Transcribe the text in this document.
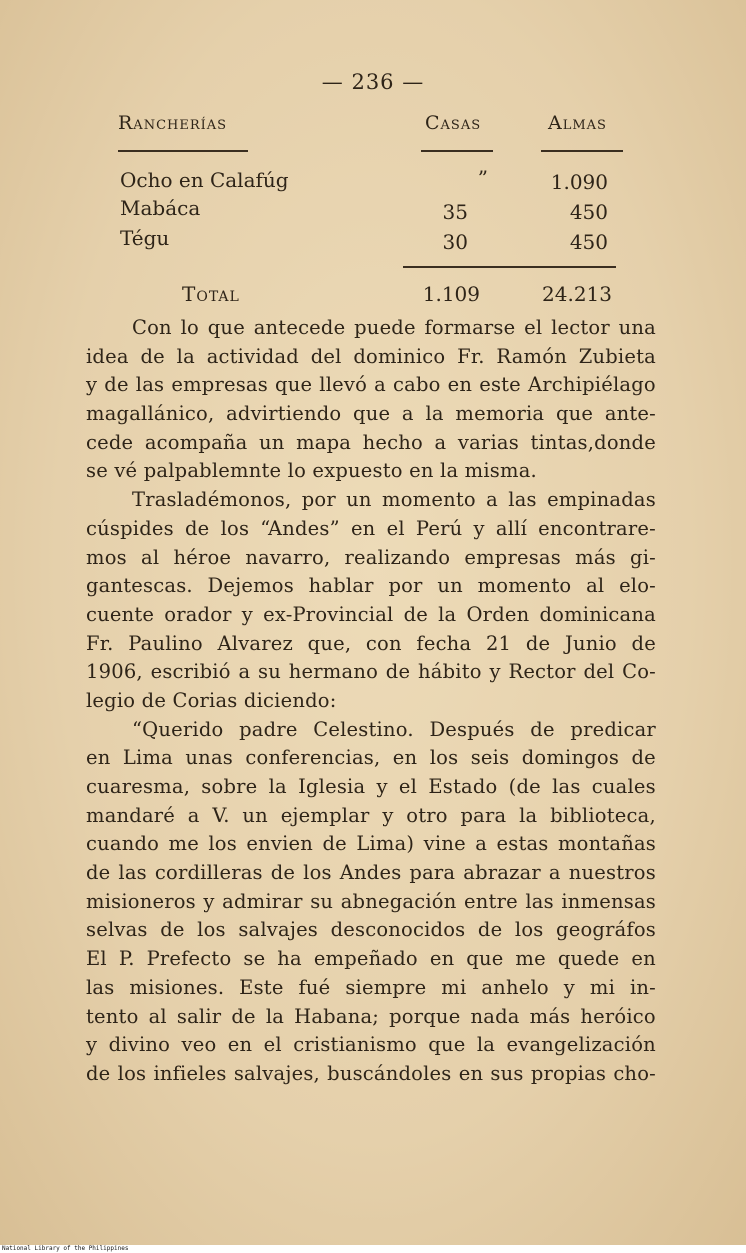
— 236 —
Rancherías	Casas	Almas
Ocho en Calafúg	”	1.090
Mabáca	35	450
Tégu	30	450
Total	1.109	24.213
Con lo que antecede puede formarse el lector una
idea de la actividad del dominico Fr. Ramón Zubieta
y de las empresas que llevó a cabo en este Archipiélago
magallánico, advirtiendo que a la memoria que ante-
cede acompaña un mapa hecho a varias tintas,donde
se vé palpablemnte lo expuesto en la misma.
Trasladémonos, por un momento a las empinadas
cúspides de los “Andes” en el Perú y allí encontrare-
mos al héroe navarro, realizando empresas más gi-
gantescas. Dejemos hablar por un momento al elo-
cuente orador y ex-Provincial de la Orden dominicana
Fr. Paulino Alvarez que, con fecha 21 de Junio de
1906, escribió a su hermano de hábito y Rector del Co-
legio de Corias diciendo:
“Querido padre Celestino. Después de predicar
en Lima unas conferencias, en los seis domingos de
cuaresma, sobre la Iglesia y el Estado (de las cuales
mandaré a V. un ejemplar y otro para la biblioteca,
cuando me los envien de Lima) vine a estas montañas
de las cordilleras de los Andes para abrazar a nuestros
misioneros y admirar su abnegación entre las inmensas
selvas de los salvajes desconocidos de los geográfos
El P. Prefecto se ha empeñado en que me quede en
las misiones. Este fué siempre mi anhelo y mi in-
tento al salir de la Habana; porque nada más heróico
y divino veo en el cristianismo que la evangelización
de los infieles salvajes, buscándoles en sus propias cho-
National Library of the Philippines
